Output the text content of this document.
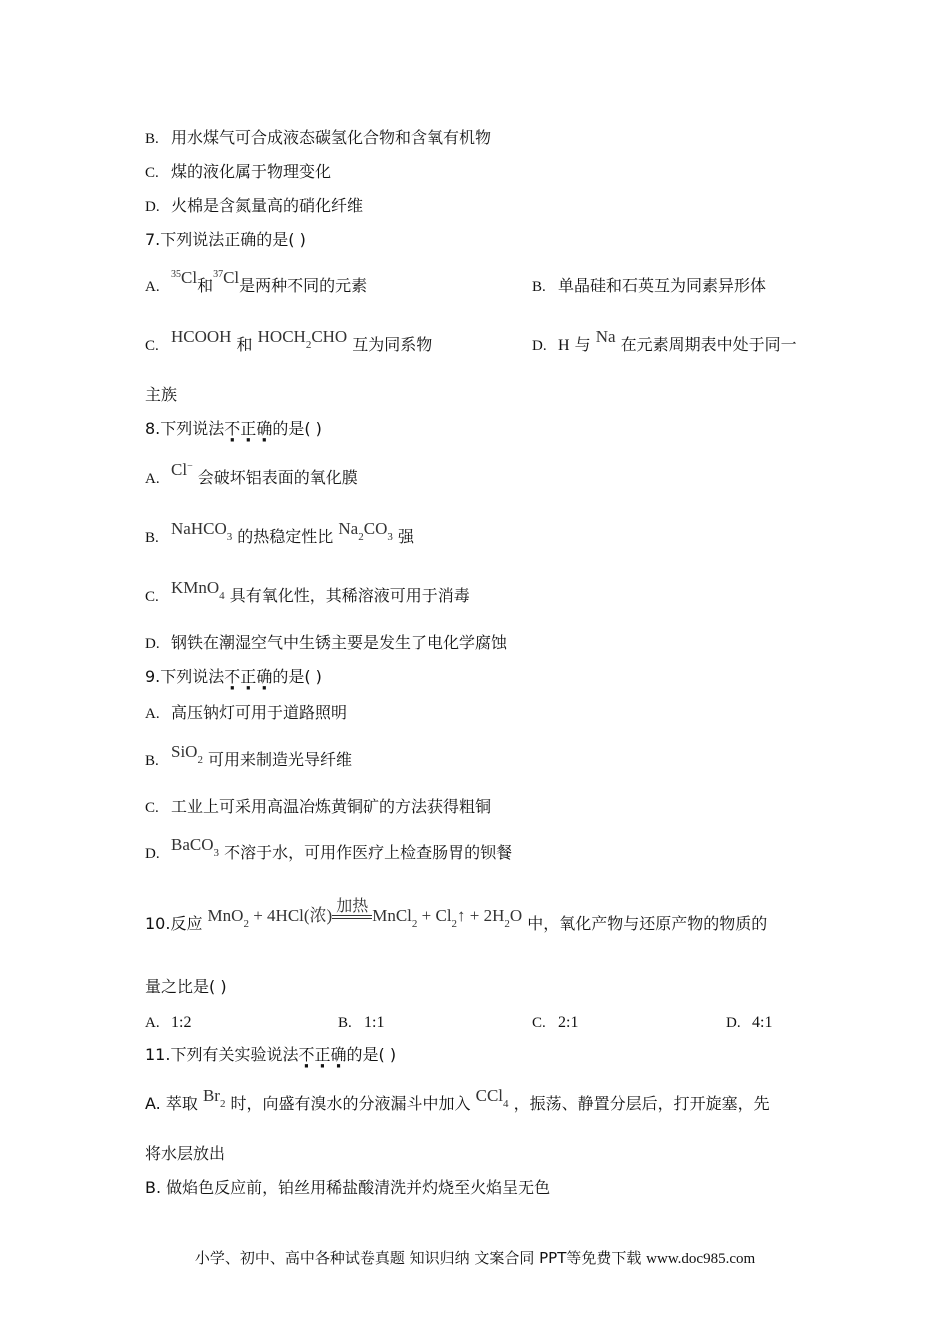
B. 用水煤气可合成液态碳氢化合物和含氧有机物
C. 煤的液化属于物理变化
D. 火棉是含氮量高的硝化纤维
7.下列说法正确的是( )
A.$^{35}$Cl和$^{37}$Cl是两种不同的元素	B. 单晶硅和石英互为同素异形体
C. HCOOH 和 $HOCH_2CHO$ 互为同系物	D. H 与 Na 在元素周期表中处于同一
主族
8.下列说法不正确的是( )
A. Cl− 会破坏铝表面的氧化膜
B. NaHCO$_3$ 的热稳定性比 $Na_2CO_3$ 强
C. KMnO$_4$ 具有氧化性，其稀溶液可用于消毒
D. 钢铁在潮湿空气中生锈主要是发生了电化学腐蚀
9.下列说法不正确的是( )
A. 高压钠灯可用于道路照明
B. SiO$_2$ 可用来制造光导纤维
C. 工业上可采用高温冶炼黄铜矿的方法获得粗铜
D. BaCO$_3$ 不溶于水，可用作医疗上检查肠胃的钡餐
10.反应 MnO$_2$ + 4HCl(浓) 加热 MnCl$_2$ + $Cl_2↑ + 2H_2O$ 中，氧化产物与还原产物的物质的
量之比是( )
A. 1:2	B. 1:1	C. 2:1	D. 4:1
11.下列有关实验说法不正确的是( )
A. 萃取 $Br_2$ 时，向盛有溴水的分液漏斗中加入 CCl$_4$ ，振荡、静置分层后，打开旋塞，先
将水层放出
B. 做焰色反应前，铂丝用稀盐酸清洗并灼烧至火焰呈无色
小学、初中、高中各种试卷真题 知识归纳 文案合同 PPT等免费下载 www.doc985.com
